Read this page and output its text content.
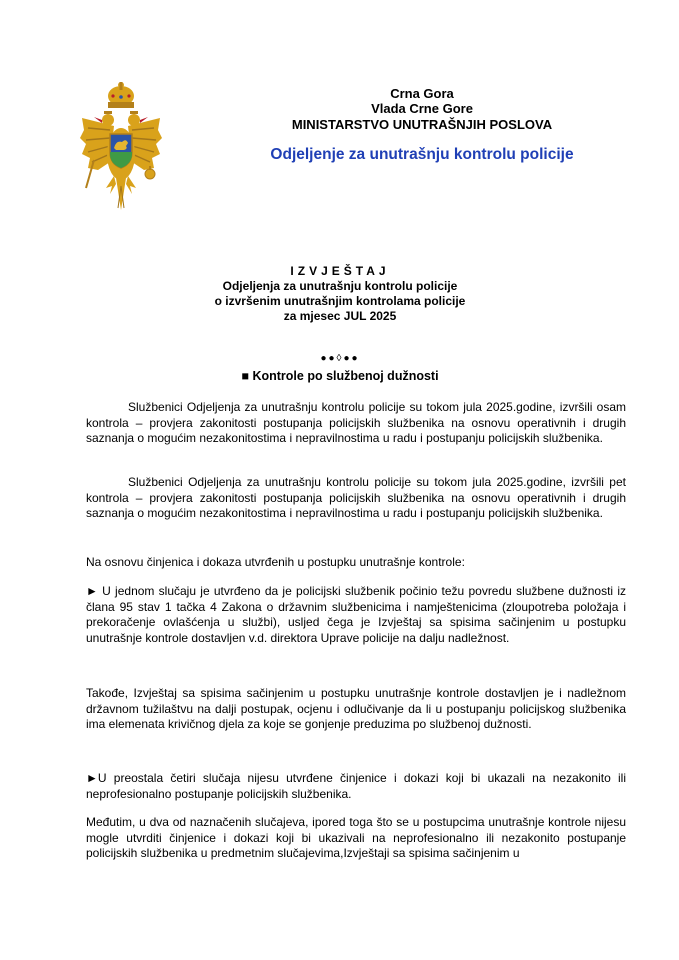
Crna Gora
Vlada Crne Gore
MINISTARSTVO UNUTRAŠNJIH POSLOVA
Odjeljenje za unutrašnju kontrolu policije
IZVJEŠTAJ
Odjeljenja za unutrašnju kontrolu policije
o izvršenim unutrašnjim kontrolama policije
za mjesec JUL 2025
●●◊●●
■ Kontrole po službenoj dužnosti

Službenici Odjeljenja za unutrašnju kontrolu policije su tokom jula 2025.godine, izvršili osam kontrola – provjera zakonitosti postupanja policijskih službenika na osnovu operativnih i drugih saznanja o mogućim nezakonitostima i nepravilnostima u radu i postupanju policijskih službenika.

Službenici Odjeljenja za unutrašnju kontrolu policije su tokom jula 2025.godine, izvršili pet kontrola – provjera zakonitosti postupanja policijskih službenika na osnovu operativnih i drugih saznanja o mogućim nezakonitostima i nepravilnostima u radu i postupanju policijskih službenika.

Na osnovu činjenica i dokaza utvrđenih u postupku unutrašnje kontrole:

► U jednom slučaju je utvrđeno da je policijski službenik počinio težu povredu službene dužnosti iz člana 95 stav 1 tačka 4 Zakona o državnim službenicima i namještenicima (zloupotreba položaja i prekoračenje ovlašćenja u službi), usljed čega je Izvještaj sa spisima sačinjenim u postupku unutrašnje kontrole dostavljen v.d. direktora Uprave policije na dalju nadležnost.

Takođe, Izvještaj sa spisima sačinjenim u postupku unutrašnje kontrole dostavljen je i nadležnom državnom tužilaštvu na dalji postupak, ocjenu i odlučivanje da li u postupanju policijskog službenika ima elemenata krivičnog djela za koje se gonjenje preduzima po službenoj dužnosti.

►U preostala četiri slučaja nijesu utvrđene činjenice i dokazi koji bi ukazali na nezakonito ili neprofesionalno postupanje policijskih službenika.

Međutim, u dva od naznačenih slučajeva, ipored toga što se u postupcima unutrašnje kontrole nijesu mogle utvrditi činjenice i dokazi koji bi ukazivali na neprofesionalno ili nezakonito postupanje policijskih službenika u predmetnim slučajevima,Izvještaji sa spisima sačinjenim u
